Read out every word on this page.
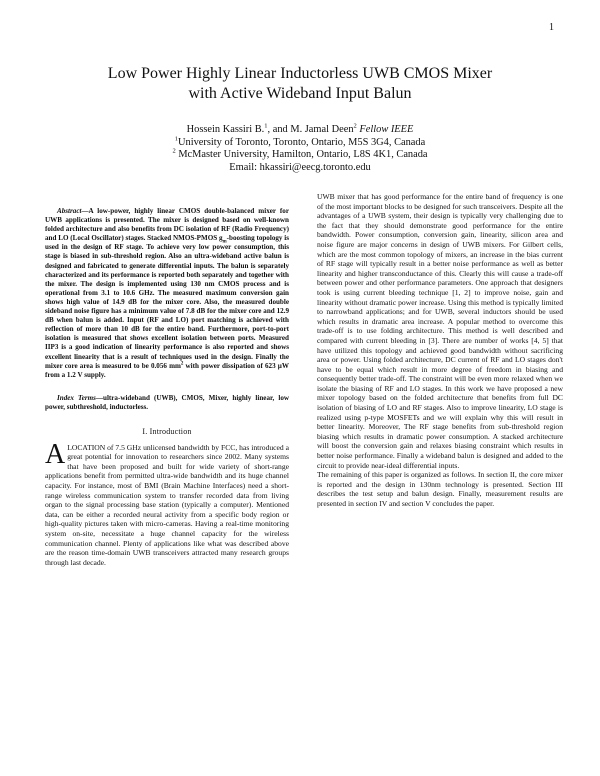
1
Low Power Highly Linear Inductorless UWB CMOS Mixer
with Active Wideband Input Balun
Hossein Kassiri B.$^1$, and M. Jamal Deen$^2$ Fellow IEEE
$^1$University of Toronto, Toronto, Ontario, M5S 3G4, Canada
$^2$ McMaster University, Hamilton, Ontario, L8S 4K1, Canada
Email: hkassiri@eecg.toronto.edu

Abstract—A low-power, highly linear CMOS double-balanced mixer for UWB applications is presented. The mixer is designed based on well-known folded architecture and also benefits from DC isolation of RF (Radio Frequency) and LO (Local Oscillator) stages. Stacked NMOS-PMOS $g_m$-boosting topology is used in the design of RF stage. To achieve very low power consumption, this stage is biased in sub-threshold region. Also an ultra-wideband active balun is designed and fabricated to generate differential inputs. The balun is separately characterized and its performance is reported both separately and together with the mixer. The design is implemented using 130 nm CMOS process and is operational from 3.1 to 10.6 GHz. The measured maximum conversion gain shows high value of 14.9 dB for the mixer core. Also, the measured double sideband noise figure has a minimum value of 7.8 dB for the mixer core and 12.9 dB when balun is added. Input (RF and LO) port matching is achieved with reflection of more than 10 dB for the entire band. Furthermore, port-to-port isolation is measured that shows excellent isolation between ports. Measured IIP3 is a good indication of linearity performance is also reported and shows excellent linearity that is a result of techniques used in the design. Finally the mixer core area is measured to be 0.056 $mm^2$ with power dissipation of 623 µW from a 1.2 V supply.

Index Terms—ultra-wideband (UWB), CMOS, Mixer, highly linear, low power, subthreshold, inductorless.

I. Introduction

ALOCATION of 7.5 GHz unlicensed bandwidth by FCC, has introduced a great potential for innovation to researchers since 2002. Many systems that have been proposed and built for wide variety of short-range applications benefit from permitted ultra-wide bandwidth and its huge channel capacity. For instance, most of BMI (Brain Machine Interfaces) need a short-range wireless communication system to transfer recorded data from living organ to the signal processing base station (typically a computer). Mentioned data, can be either a recorded neural activity from a specific body region or high-quality pictures taken with micro-cameras. Having a real-time monitoring system on-site, necessitate a huge channel capacity for the wireless communication channel. Plenty of applications like what was described above are the reason time-domain UWB transceivers attracted many research groups through last decade.

UWB mixer that has good performance for the entire band of frequency is one of the most important blocks to be designed for such transceivers. Despite all the advantages of a UWB system, their design is typically very challenging due to the fact that they should demonstrate good performance for the entire bandwidth. Power consumption, conversion gain, linearity, silicon area and noise figure are major concerns in design of UWB mixers. For Gilbert cells, which are the most common topology of mixers, an increase in the bias current of RF stage will typically result in a better noise performance as well as better linearity and higher transconductance of this. Clearly this will cause a trade-off between power and other performance parameters. One approach that designers took is using current bleeding technique [1, 2] to improve noise, gain and linearity without dramatic power increase. Using this method is typically limited to narrowband applications; and for UWB, several inductors should be used which results in dramatic area increase. A popular method to overcome this trade-off is to use folding architecture. This method is well described and compared with current bleeding in [3]. There are number of works [4, 5] that have utilized this topology and achieved good bandwidth without sacrificing area or power. Using folded architecture, DC current of RF and LO stages don't have to be equal which result in more degree of freedom in biasing and consequently better trade-off. The constraint will be even more relaxed when we isolate the biasing of RF and LO stages. In this work we have proposed a new mixer topology based on the folded architecture that benefits from full DC isolation of biasing of LO and RF stages. Also to improve linearity, LO stage is realized using p-type MOSFETs and we will explain why this will result in better linearity. Moreover, The RF stage benefits from sub-threshold region biasing which results in dramatic power consumption. A stacked architecture will boost the conversion gain and relaxes biasing constraint which results in better noise performance. Finally a wideband balun is designed and added to the circuit to provide near-ideal differential inputs.

The remaining of this paper is organized as follows. In section II, the core mixer is reported and the design in 130nm technology is presented. Section III describes the test setup and balun design. Finally, measurement results are presented in section IV and section V concludes the paper.
